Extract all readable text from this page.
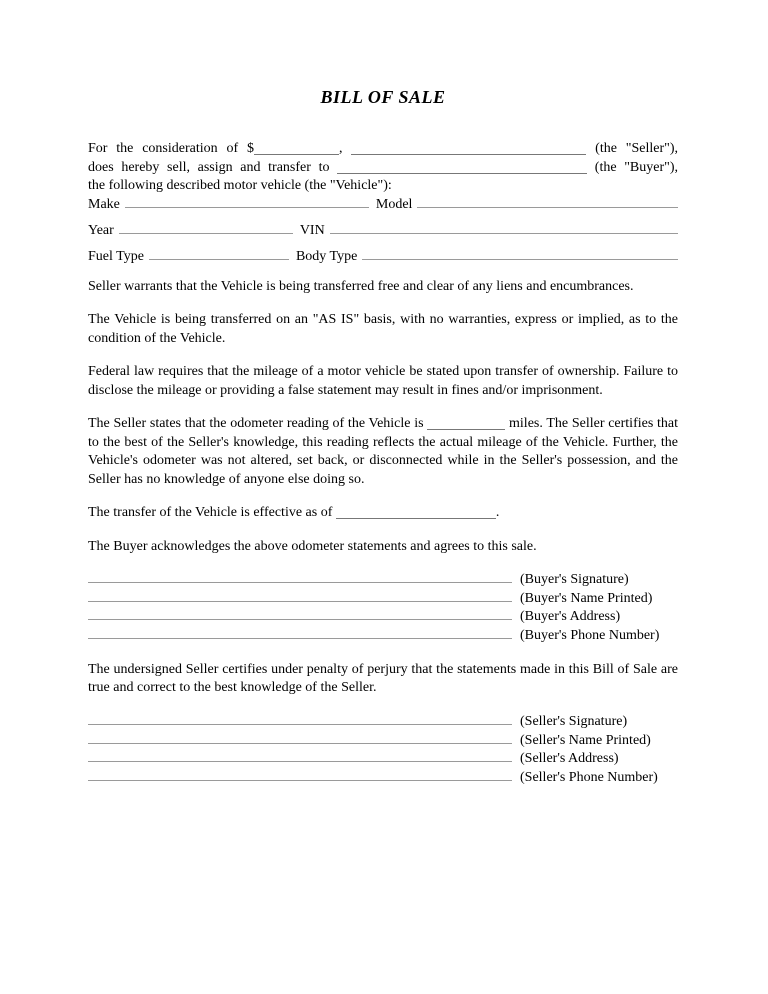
BILL OF SALE
For the consideration of $	,	(the "Seller"),
does hereby sell, assign and transfer to	(the "Buyer"),
the following described motor vehicle (the "Vehicle"):
Make	Model
Year	VIN
Fuel Type	Body Type

Seller warrants that the Vehicle is being transferred free and clear of any liens and encumbrances.

The Vehicle is being transferred on an "AS IS" basis, with no warranties, express or implied, as to the condition of the Vehicle.

Federal law requires that the mileage of a motor vehicle be stated upon transfer of ownership. Failure to disclose the mileage or providing a false statement may result in fines and/or imprisonment.

The Seller states that the odometer reading of the Vehicle is	miles. The Seller certifies that to the best of the Seller's knowledge, this reading reflects the actual mileage of the Vehicle. Further, the Vehicle's odometer was not altered, set back, or disconnected while in the Seller's possession, and the Seller has no knowledge of anyone else doing so.

The transfer of the Vehicle is effective as of	.

The Buyer acknowledges the above odometer statements and agrees to this sale.

(Buyer's Signature)
(Buyer's Name Printed)
(Buyer's Address)
(Buyer's Phone Number)

The undersigned Seller certifies under penalty of perjury that the statements made in this Bill of Sale are true and correct to the best knowledge of the Seller.

(Seller's Signature)
(Seller's Name Printed)
(Seller's Address)
(Seller's Phone Number)
